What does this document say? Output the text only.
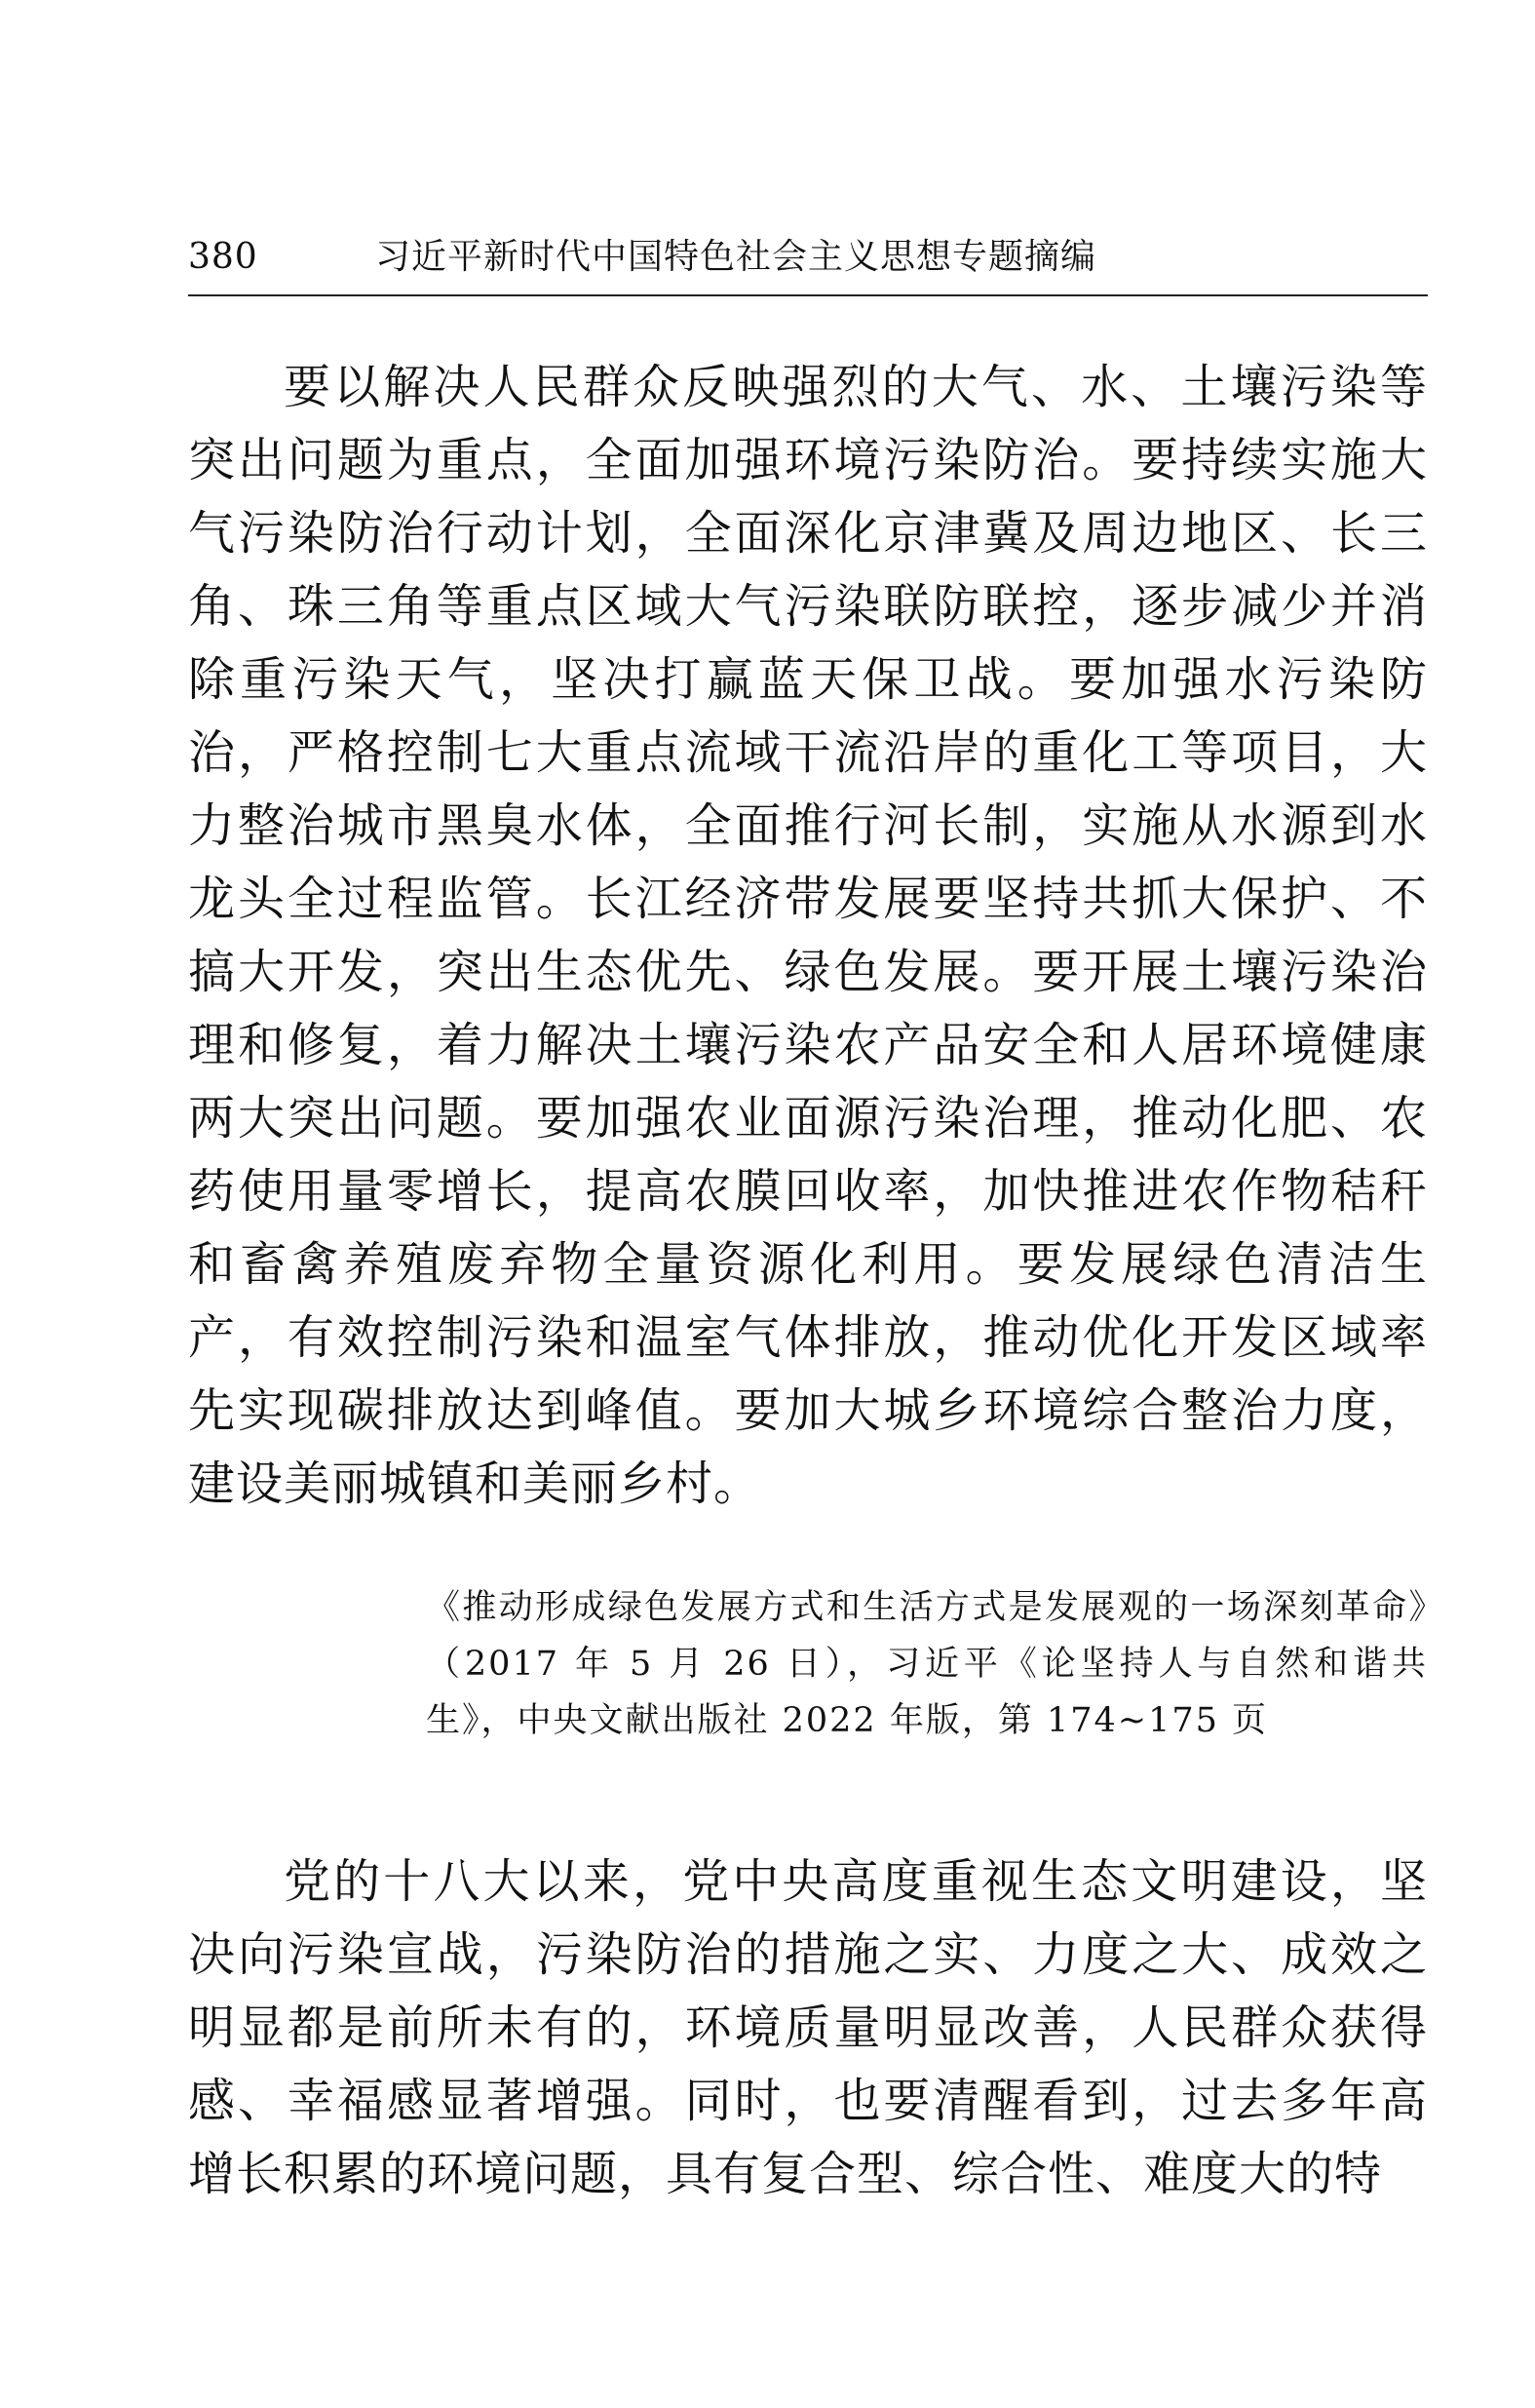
380	习近平新时代中国特色社会主义思想专题摘编

要以解决人民群众反映强烈的大气、水、土壤污染等突出问题为重点，全面加强环境污染防治。要持续实施大气污染防治行动计划，全面深化京津冀及周边地区、长三角、珠三角等重点区域大气污染联防联控，逐步减少并消除重污染天气，坚决打赢蓝天保卫战。要加强水污染防治，严格控制七大重点流域干流沿岸的重化工等项目，大力整治城市黑臭水体，全面推行河长制，实施从水源到水龙头全过程监管。长江经济带发展要坚持共抓大保护、不搞大开发，突出生态优先、绿色发展。要开展土壤污染治理和修复，着力解决土壤污染农产品安全和人居环境健康两大突出问题。要加强农业面源污染治理，推动化肥、农药使用量零增长，提高农膜回收率，加快推进农作物秸秆和畜禽养殖废弃物全量资源化利用。要发展绿色清洁生产，有效控制污染和温室气体排放，推动优化开发区域率先实现碳排放达到峰值。要加大城乡环境综合整治力度，建设美丽城镇和美丽乡村。

《推动形成绿色发展方式和生活方式是发展观的一场深刻革命》（2017 年 5 月 26 日），习近平《论坚持人与自然和谐共生》，中央文献出版社 2022 年版，第 174~175 页

党的十八大以来，党中央高度重视生态文明建设，坚决向污染宣战，污染防治的措施之实、力度之大、成效之明显都是前所未有的，环境质量明显改善，人民群众获得感、幸福感显著增强。同时，也要清醒看到，过去多年高增长积累的环境问题，具有复合型、综合性、难度大的特
